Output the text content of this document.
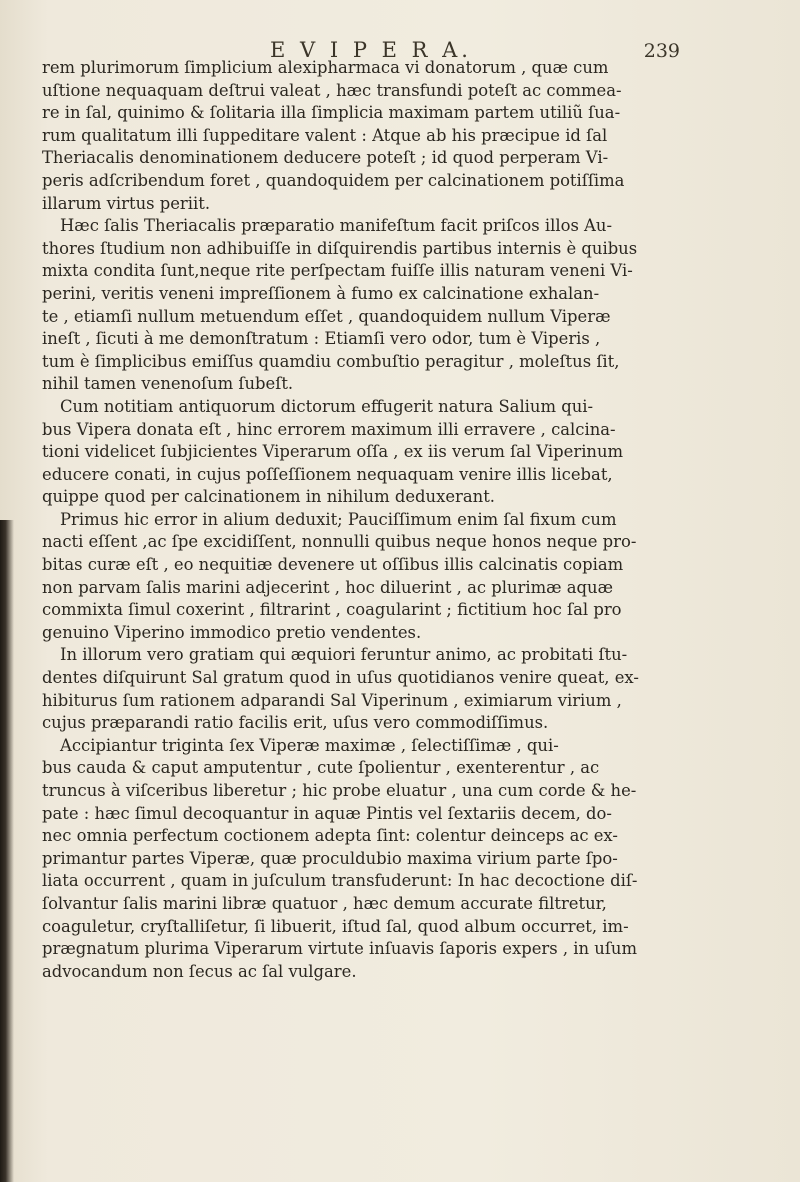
E V I P E R A.	239
rem plurimorum ſimplicium alexipharmaca vi donatorum , quæ cum
uſtione nequaquam deſtrui valeat , hæc transfundi poteſt ac commea-
re in ſal, quinimo & ſolitaria illa ſimplicia maximam partem utiliũ ſua-
rum qualitatum illi ſuppeditare valent : Atque ab his præcipue id ſal
Theriacalis denominationem deducere poteſt ; id quod perperam Vi-
peris adſcribendum foret , quandoquidem per calcinationem potiſſima
illarum virtus periit.
Hæc ſalis Theriacalis præparatio manifeſtum facit priſcos illos Au-
thores ſtudium non adhibuiſſe in diſquirendis partibus internis è quibus
mixta condita ſunt,neque rite perſpectam fuiſſe illis naturam veneni Vi-
perini, veritis veneni impreſſionem à fumo ex calcinatione exhalan-
te , etiamſi nullum metuendum eſſet , quandoquidem nullum Viperæ
ineſt , ſicuti à me demonſtratum : Etiamſi vero odor, tum è Viperis ,
tum è ſimplicibus emiſſus quamdiu combuſtio peragitur , moleſtus ſit,
nihil tamen venenoſum ſubeſt.
Cum notitiam antiquorum dictorum effugerit natura Salium qui-
bus Vipera donata eſt , hinc errorem maximum illi erravere , calcina-
tioni videlicet ſubjicientes Viperarum oſſa , ex iis verum ſal Viperinum
educere conati, in cujus poſſeſſionem nequaquam venire illis licebat,
quippe quod per calcinationem in nihilum deduxerant.
Primus hic error in alium deduxit; Pauciſſimum enim ſal fixum cum
nacti eſſent ,ac ſpe excidiſſent, nonnulli quibus neque honos neque pro-
bitas curæ eſt , eo nequitiæ devenere ut oſſibus illis calcinatis copiam
non parvam ſalis marini adjecerint , hoc diluerint , ac plurimæ aquæ
commixta ſimul coxerint , filtrarint , coagularint ; fictitium hoc ſal pro
genuino Viperino immodico pretio vendentes.
In illorum vero gratiam qui æquiori feruntur animo, ac probitati ſtu-
dentes diſquirunt Sal gratum quod in uſus quotidianos venire queat, ex-
hibiturus ſum rationem adparandi Sal Viperinum , eximiarum virium ,
cujus præparandi ratio facilis erit, uſus vero commodiſſimus.
Accipiantur triginta ſex Viperæ maximæ , ſelectiſſimæ , qui-
bus cauda & caput amputentur , cute ſpolientur , exenterentur , ac
truncus à viſceribus liberetur ; hic probe eluatur , una cum corde & he-
pate : hæc ſimul decoquantur in aquæ Pintis vel ſextariis decem, do-
nec omnia perfectum coctionem adepta ſint: colentur deinceps ac ex-
primantur partes Viperæ, quæ proculdubio maxima virium parte ſpo-
liata occurrent , quam in juſculum transfuderunt: In hac decoctione diſ-
ſolvantur ſalis marini libræ quatuor , hæc demum accurate filtretur,
coaguletur, cryſtalliſetur, ſi libuerit, iſtud ſal, quod album occurret, im-
prægnatum plurima Viperarum virtute inſuavis ſaporis expers , in uſum
advocandum non ſecus ac ſal vulgare.
